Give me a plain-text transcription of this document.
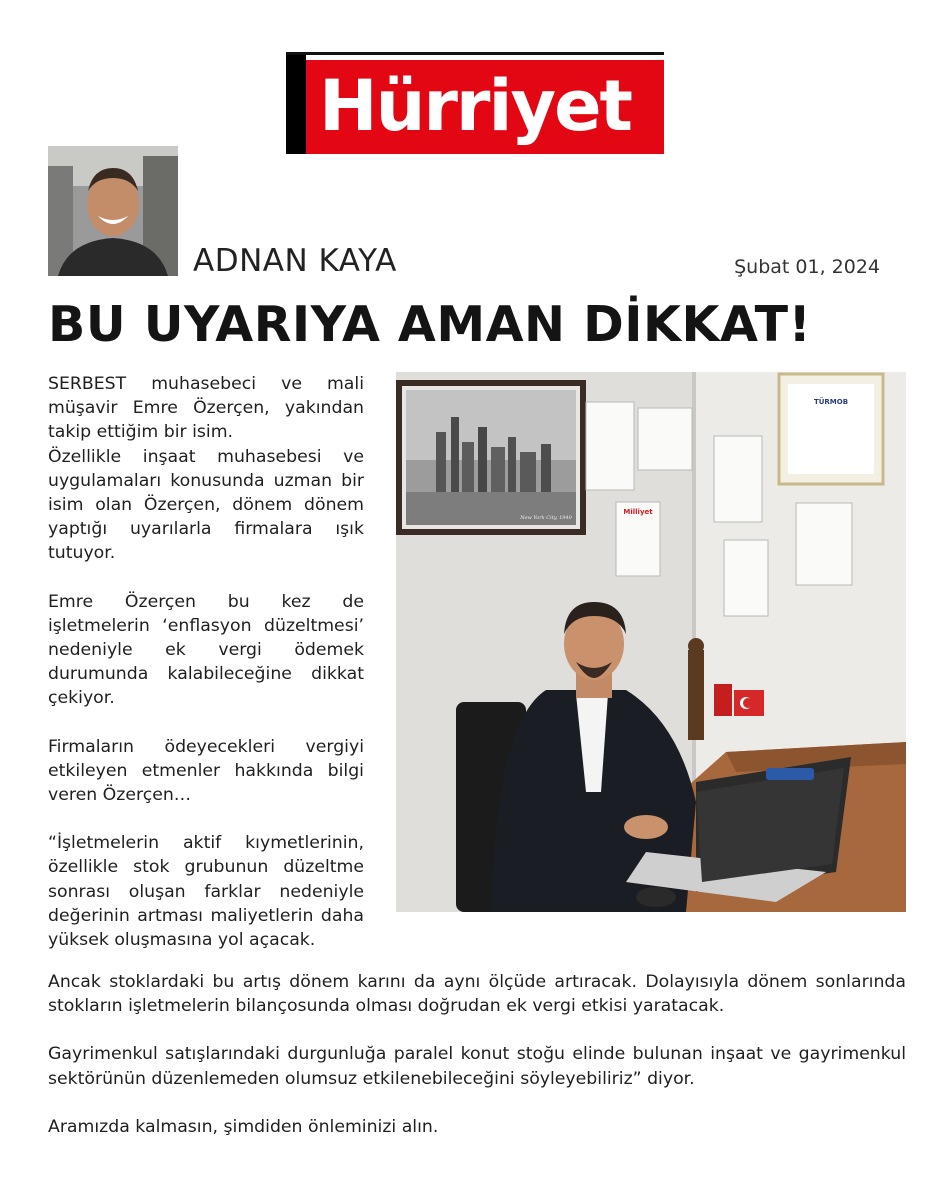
Hürriyet
ADNAN KAYA	Şubat 01, 2024
BU UYARIYA AMAN DİKKAT!

SERBEST muhasebeci ve mali müşavir Emre Özerçen, yakından takip ettiğim bir isim.

Özellikle inşaat muhasebesi ve uygulamaları konusunda uzman bir isim olan Özerçen, dönem dönem yaptığı uyarılarla firmalara ışık tutuyor.

Emre Özerçen bu kez de işletmelerin ‘enflasyon düzeltmesi’ nedeniyle ek vergi ödemek durumunda kalabileceğine dikkat çekiyor.

Firmaların ödeyecekleri vergiyi etkileyen etmenler hakkında bilgi veren Özerçen…

“İşletmelerin aktif kıymetlerinin, özellikle stok grubunun düzeltme sonrası oluşan farklar nedeniyle değerinin artması maliyetlerin daha yüksek oluşmasına yol açacak.

New York City, 1940
Milliyet
TÜRMOB

Ancak stoklardaki bu artış dönem karını da aynı ölçüde artıracak. Dolayısıyla dönem sonlarında stokların işletmelerin bilançosunda olması doğrudan ek vergi etkisi yaratacak.

Gayrimenkul satışlarındaki durgunluğa paralel konut stoğu elinde bulunan inşaat ve gayrimenkul sektörünün düzenlemeden olumsuz etkilenebileceğini söyleyebiliriz” diyor.

Aramızda kalmasın, şimdiden önleminizi alın.
